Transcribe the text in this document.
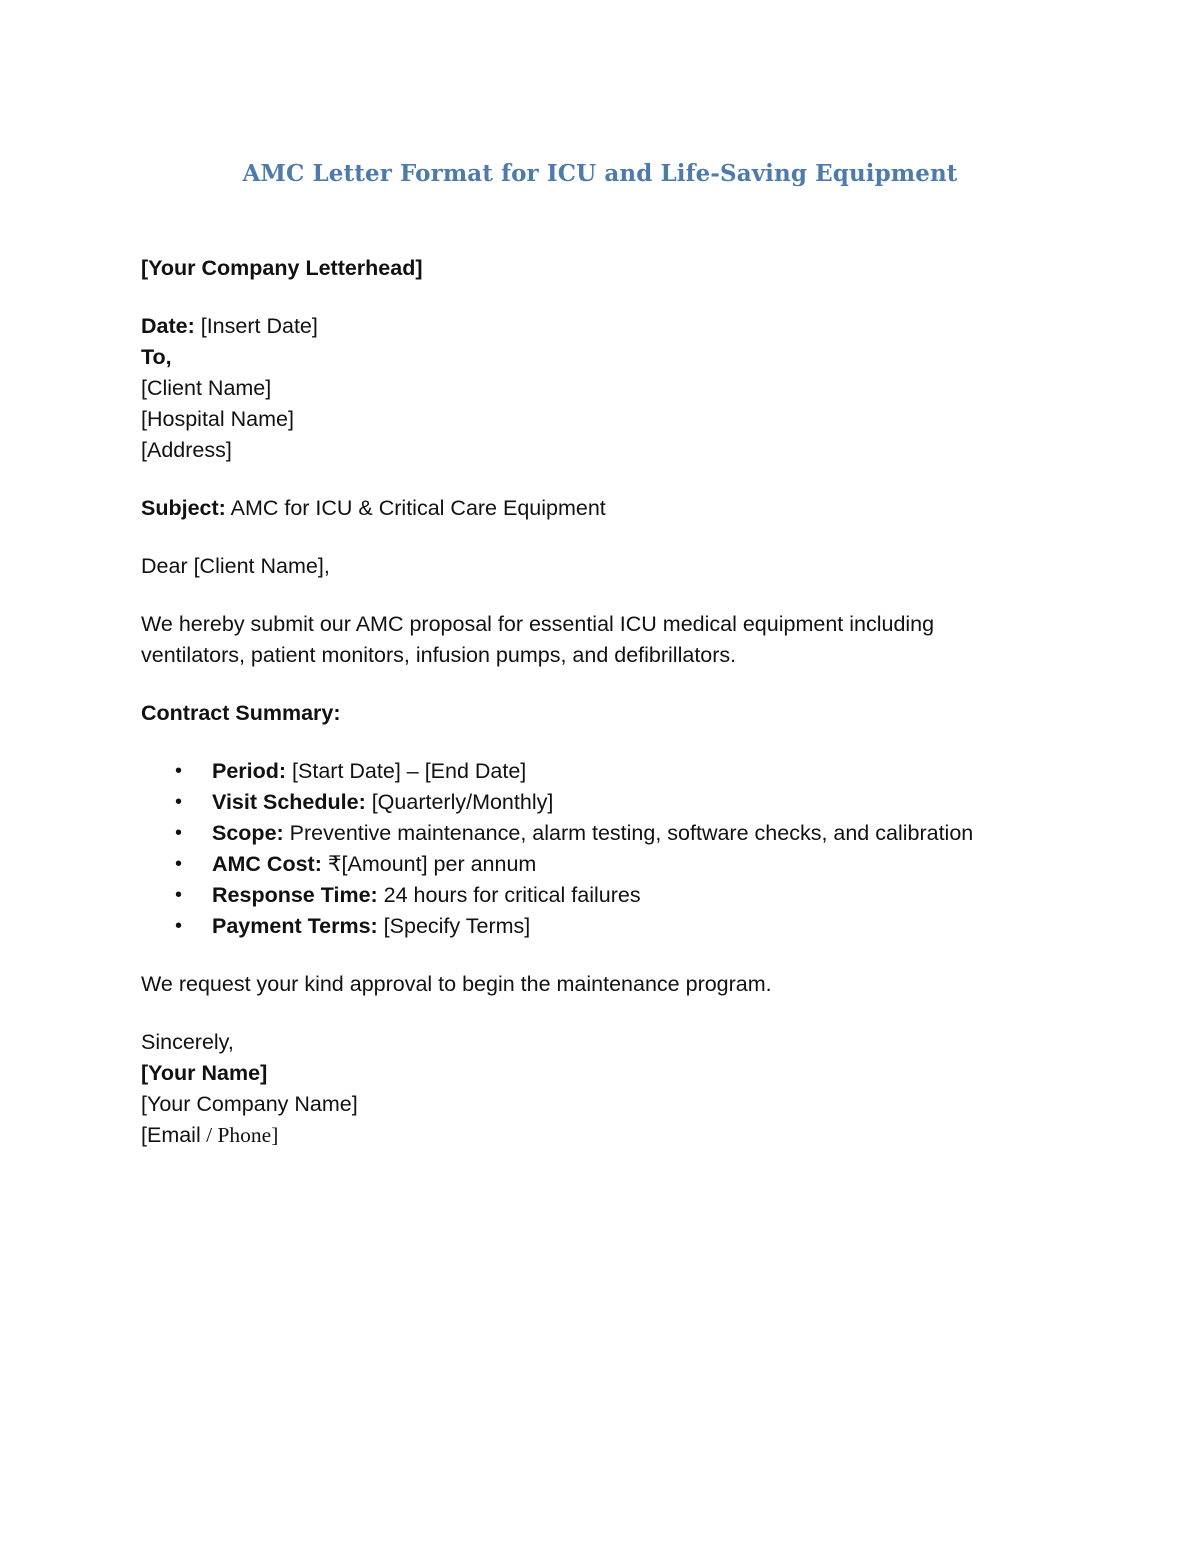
AMC Letter Format for ICU and Life-Saving Equipment

[Your Company Letterhead]

Date: [Insert Date]

To,

[Client Name]

[Hospital Name]

[Address]

Subject: AMC for ICU & Critical Care Equipment

Dear [Client Name],

We hereby submit our AMC proposal for essential ICU medical equipment including

ventilators, patient monitors, infusion pumps, and defibrillators.

Contract Summary:

• Period: [Start Date] – [End Date]
• Visit Schedule: [Quarterly/Monthly]
• Scope: Preventive maintenance, alarm testing, software checks, and calibration
• AMC Cost: ₹[Amount] per annum
• Response Time: 24 hours for critical failures
• Payment Terms: [Specify Terms]

We request your kind approval to begin the maintenance program.

Sincerely,

[Your Name]

[Your Company Name]

[Email / Phone]
